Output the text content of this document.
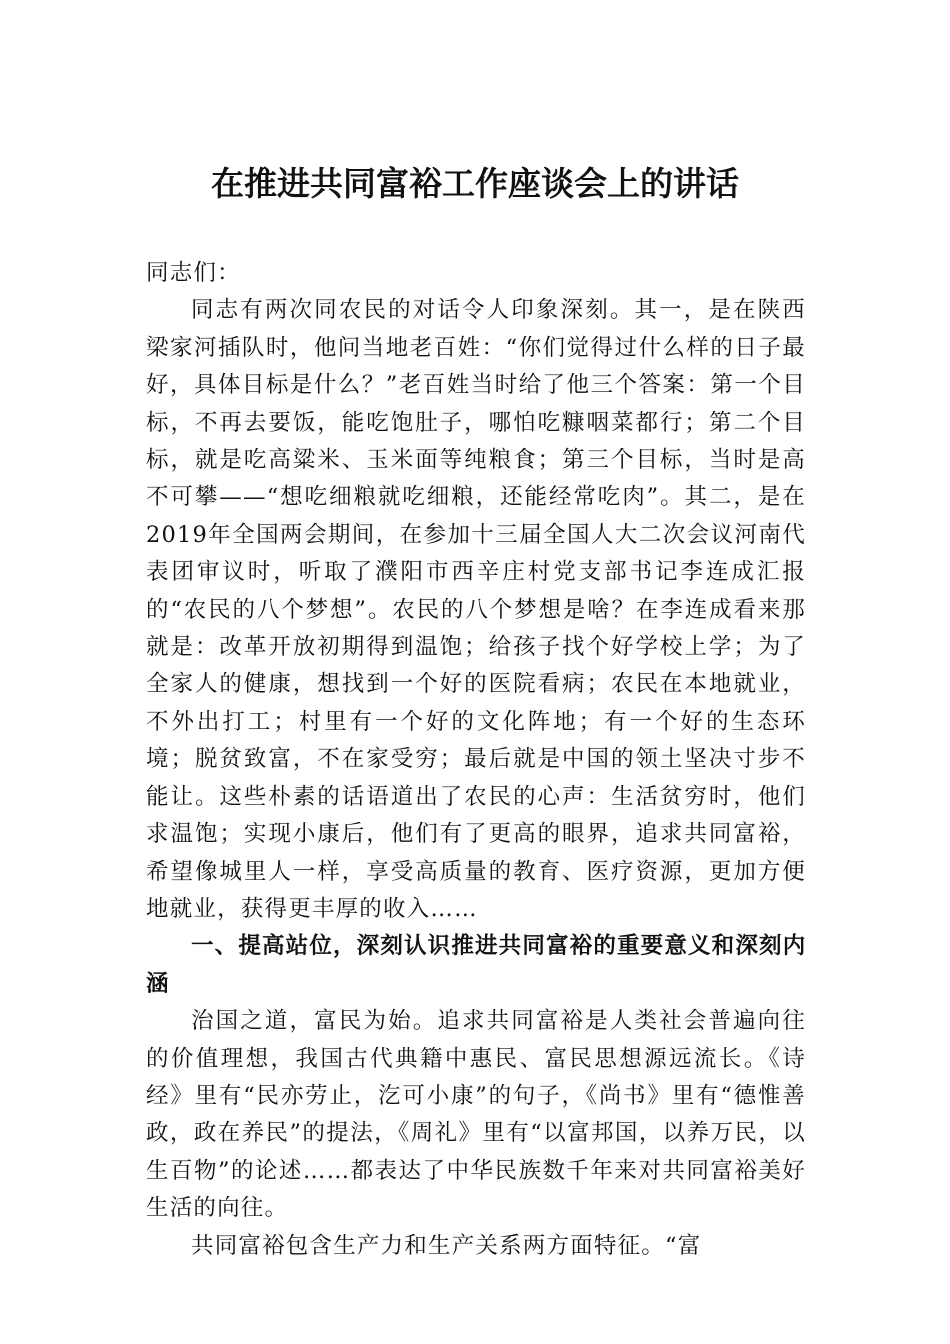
在推进共同富裕工作座谈会上的讲话

同志们：

同志有两次同农民的对话令人印象深刻。其一，是在陕西梁家河插队时，他问当地老百姓：“你们觉得过什么样的日子最好，具体目标是什么？”老百姓当时给了他三个答案：第一个目标，不再去要饭，能吃饱肚子，哪怕吃糠咽菜都行；第二个目标，就是吃高粱米、玉米面等纯粮食；第三个目标，当时是高不可攀——“想吃细粮就吃细粮，还能经常吃肉”。其二，是在2019年全国两会期间，在参加十三届全国人大二次会议河南代表团审议时，听取了濮阳市西辛庄村党支部书记李连成汇报的“农民的八个梦想”。农民的八个梦想是啥？在李连成看来那就是：改革开放初期得到温饱；给孩子找个好学校上学；为了全家人的健康，想找到一个好的医院看病；农民在本地就业，不外出打工；村里有一个好的文化阵地；有一个好的生态环境；脱贫致富，不在家受穷；最后就是中国的领土坚决寸步不能让。这些朴素的话语道出了农民的心声：生活贫穷时，他们求温饱；实现小康后，他们有了更高的眼界，追求共同富裕，希望像城里人一样，享受高质量的教育、医疗资源，更加方便地就业，获得更丰厚的收入……

一、提高站位，深刻认识推进共同富裕的重要意义和深刻内涵

治国之道，富民为始。追求共同富裕是人类社会普遍向往的价值理想，我国古代典籍中惠民、富民思想源远流长。《诗经》里有“民亦劳止，汔可小康”的句子，《尚书》里有“德惟善政，政在养民”的提法，《周礼》里有“以富邦国，以养万民，以生百物”的论述……都表达了中华民族数千年来对共同富裕美好生活的向往。

共同富裕包含生产力和生产关系两方面特征。“富
